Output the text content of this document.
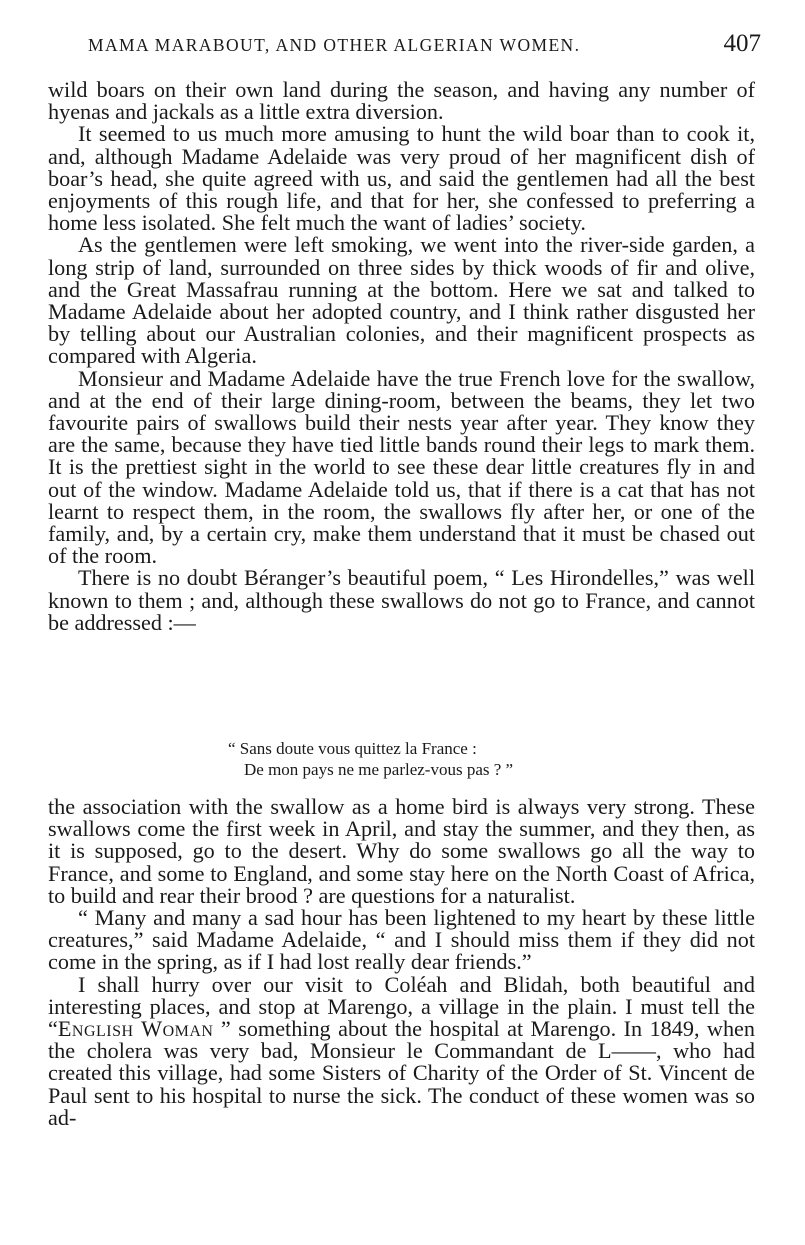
MAMA MARABOUT, AND OTHER ALGERIAN WOMEN.	407

wild boars on their own land during the season, and having any number of hyenas and jackals as a little extra diversion.

It seemed to us much more amusing to hunt the wild boar than to cook it, and, although Madame Adelaide was very proud of her magnificent dish of boar’s head, she quite agreed with us, and said the gentlemen had all the best enjoyments of this rough life, and that for her, she confessed to preferring a home less isolated. She felt much the want of ladies’ society.

As the gentlemen were left smoking, we went into the river-side garden, a long strip of land, surrounded on three sides by thick woods of fir and olive, and the Great Massafrau running at the bottom. Here we sat and talked to Madame Adelaide about her adopted country, and I think rather disgusted her by telling about our Australian colonies, and their magnificent prospects as compared with Algeria.

Monsieur and Madame Adelaide have the true French love for the swallow, and at the end of their large dining-room, between the beams, they let two favourite pairs of swallows build their nests year after year. They know they are the same, because they have tied little bands round their legs to mark them. It is the prettiest sight in the world to see these dear little creatures fly in and out of the window. Madame Adelaide told us, that if there is a cat that has not learnt to respect them, in the room, the swallows fly after her, or one of the family, and, by a certain cry, make them understand that it must be chased out of the room.

There is no doubt Béranger’s beautiful poem, “ Les Hirondelles,” was well known to them ; and, although these swallows do not go to France, and cannot be addressed :—

“ Sans doute vous quittez la France :
De mon pays ne me parlez-vous pas ? ”

the association with the swallow as a home bird is always very strong. These swallows come the first week in April, and stay the summer, and they then, as it is supposed, go to the desert. Why do some swallows go all the way to France, and some to England, and some stay here on the North Coast of Africa, to build and rear their brood ? are questions for a naturalist.

“ Many and many a sad hour has been lightened to my heart by these little creatures,” said Madame Adelaide, “ and I should miss them if they did not come in the spring, as if I had lost really dear friends.”

I shall hurry over our visit to Coléah and Blidah, both beautiful and interesting places, and stop at Marengo, a village in the plain. I must tell the “English Woman ” something about the hospital at Marengo. In 1849, when the cholera was very bad, Monsieur le Commandant de L——, who had created this village, had some Sisters of Charity of the Order of St. Vincent de Paul sent to his hospital to nurse the sick. The conduct of these women was so ad-
